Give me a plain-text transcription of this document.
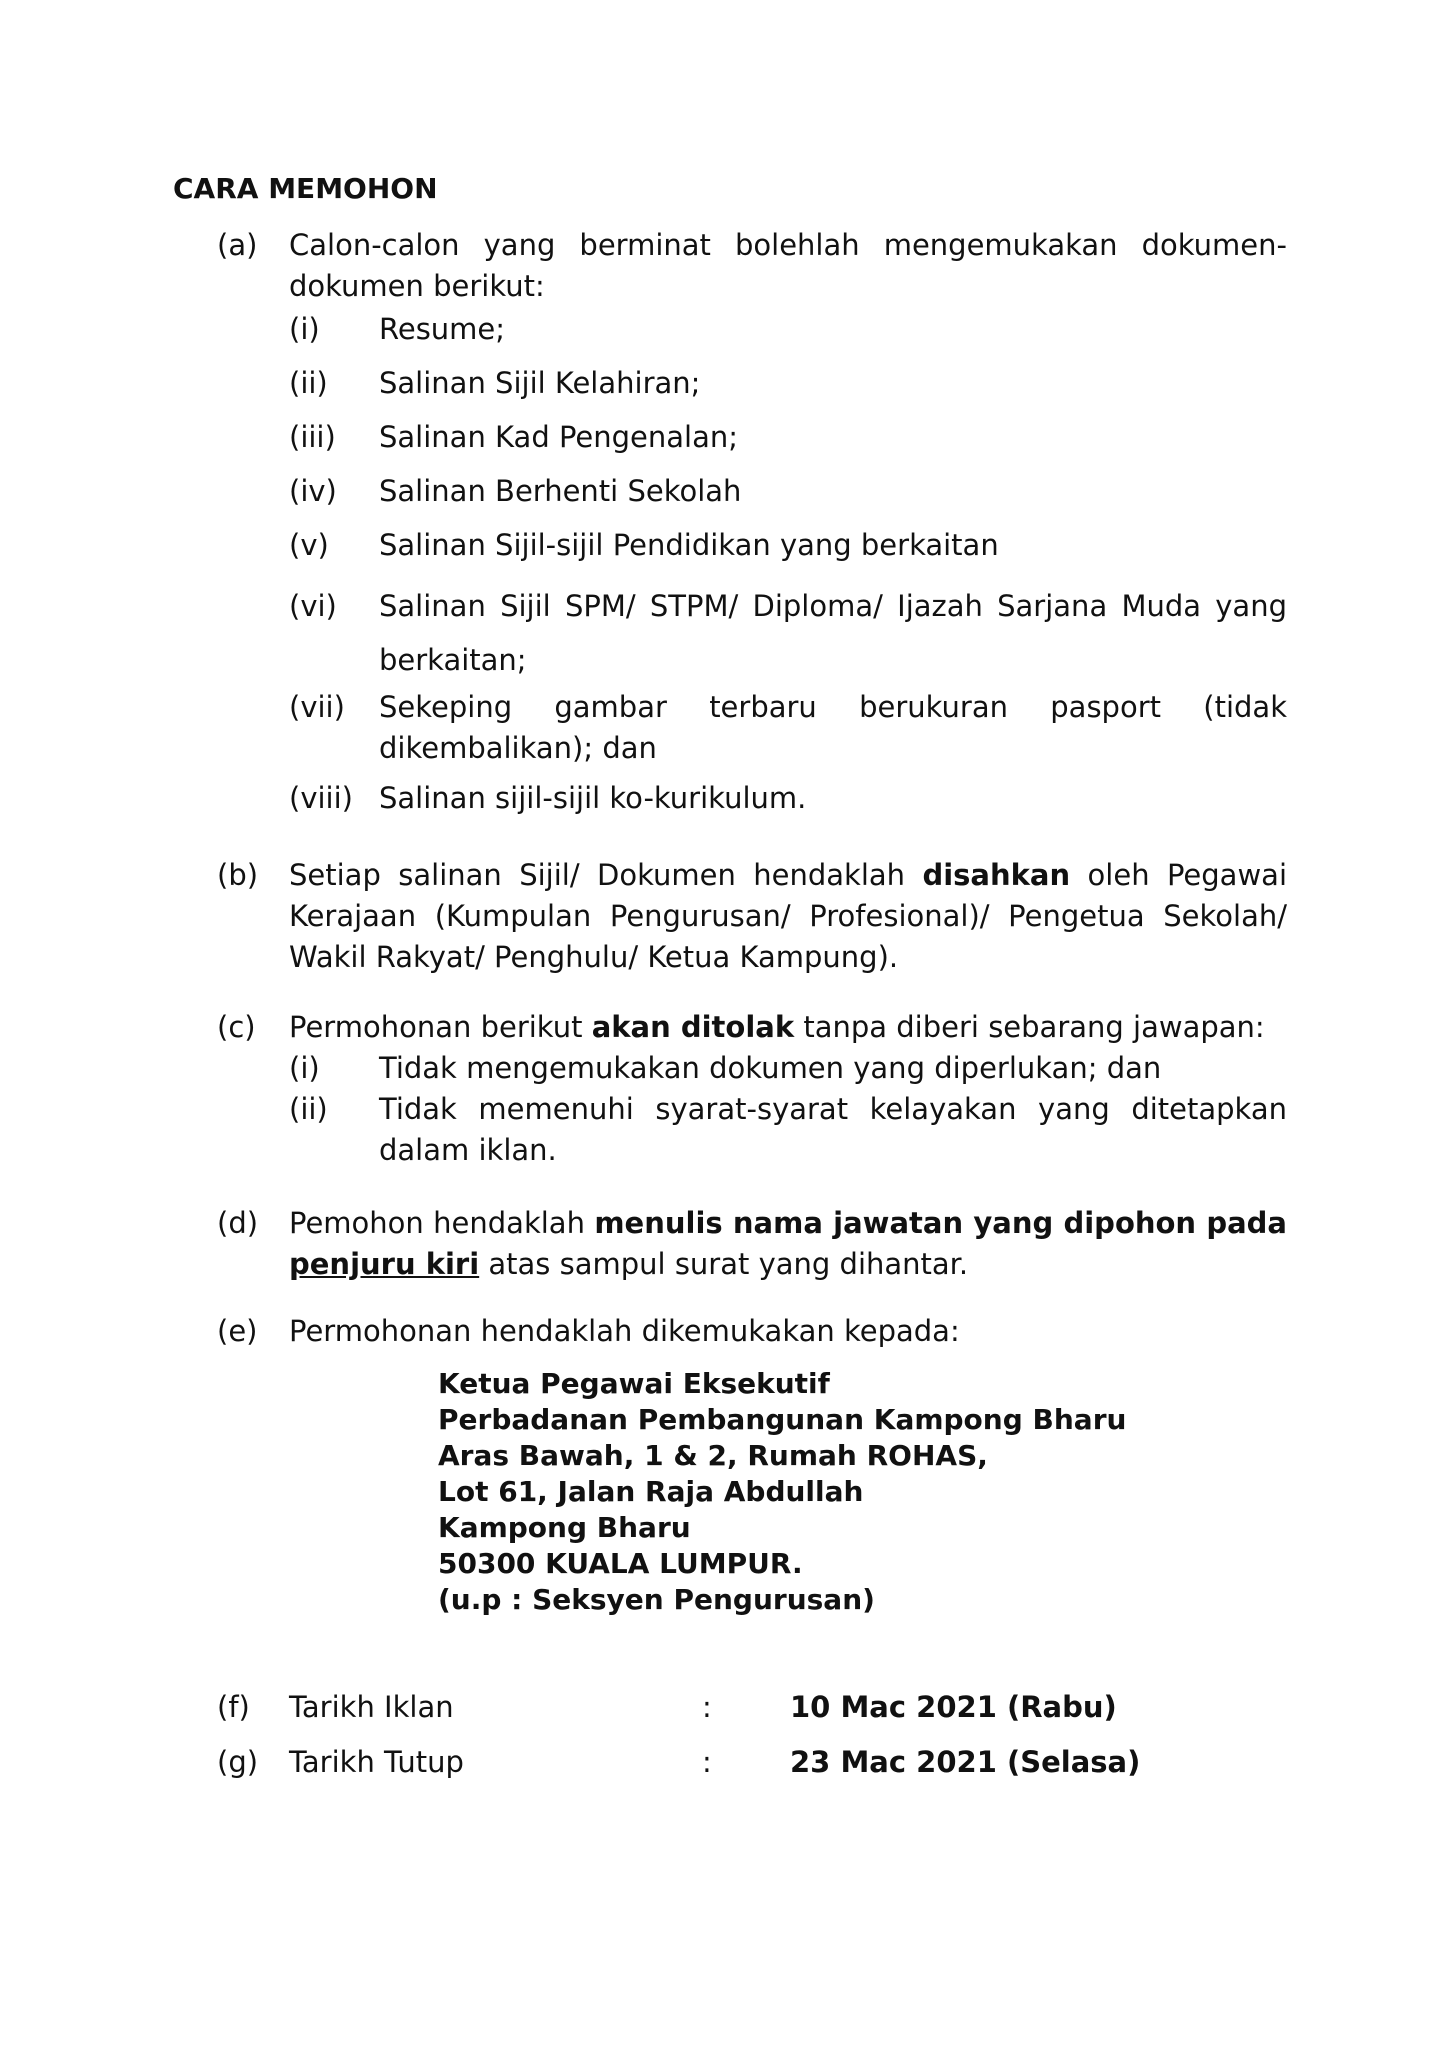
CARA MEMOHON
(a) Calon-calon yang berminat bolehlah mengemukakan dokumen-dokumen berikut:
(i) Resume;
(ii) Salinan Sijil Kelahiran;
(iii) Salinan Kad Pengenalan;
(iv) Salinan Berhenti Sekolah
(v) Salinan Sijil-sijil Pendidikan yang berkaitan
(vi) Salinan Sijil SPM/ STPM/ Diploma/ Ijazah Sarjana Muda yang berkaitan;
(vii) Sekeping gambar terbaru berukuran pasport (tidak dikembalikan); dan
(viii) Salinan sijil-sijil ko-kurikulum.
(b) Setiap salinan Sijil/ Dokumen hendaklah disahkan oleh Pegawai Kerajaan (Kumpulan Pengurusan/ Profesional)/ Pengetua Sekolah/ Wakil Rakyat/ Penghulu/ Ketua Kampung).
(c) Permohonan berikut akan ditolak tanpa diberi sebarang jawapan:
(i) Tidak mengemukakan dokumen yang diperlukan; dan
(ii) Tidak memenuhi syarat-syarat kelayakan yang ditetapkan dalam iklan.
(d) Pemohon hendaklah menulis nama jawatan yang dipohon pada penjuru kiri atas sampul surat yang dihantar.
(e) Permohonan hendaklah dikemukakan kepada:
Ketua Pegawai Eksekutif
Perbadanan Pembangunan Kampong Bharu
Aras Bawah, 1 & 2, Rumah ROHAS,
Lot 61, Jalan Raja Abdullah
Kampong Bharu
50300 KUALA LUMPUR.
(u.p : Seksyen Pengurusan)
(f) Tarikh Iklan	:	10 Mac 2021 (Rabu)
(g) Tarikh Tutup	:	23 Mac 2021 (Selasa)
